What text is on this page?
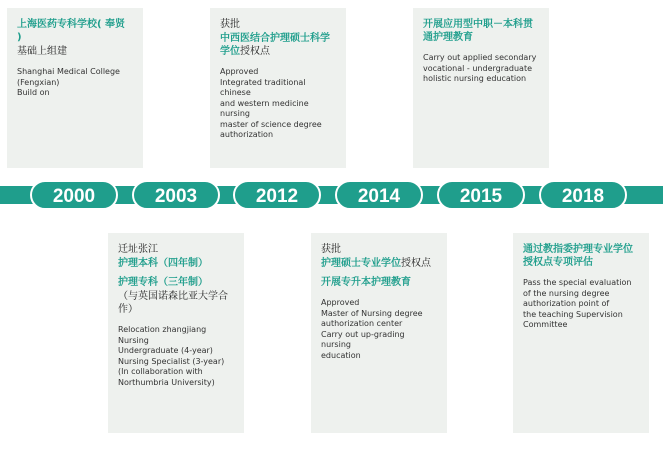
上海医药专科学校( 奉贤 )
基础上组建
Shanghai Medical College
(Fengxian)
Build on
获批
中西医结合护理硕士科学学位授权点
Approved
Integrated traditional chinese
and western medicine nursing
master of science degree
authorization
开展应用型中职－本科贯通护理教育
Carry out applied secondary
vocational - undergraduate
holistic nursing education
2000	2003	2012	2014	2015	2018
迁址张江
护理本科（四年制）
护理专科（三年制）
（与英国诺森比亚大学合作）
Relocation zhangjiang
Nursing
Undergraduate (4-year)
Nursing Specialist (3-year)
(In collaboration with
Northumbria University)
获批
护理硕士专业学位授权点
开展专升本护理教育
Approved
Master of Nursing degree
authorization center
Carry out up-grading nursing
education
通过教指委护理专业学位授权点专项评估
Pass the special evaluation
of the nursing degree
authorization point of
the teaching Supervision
Committee
